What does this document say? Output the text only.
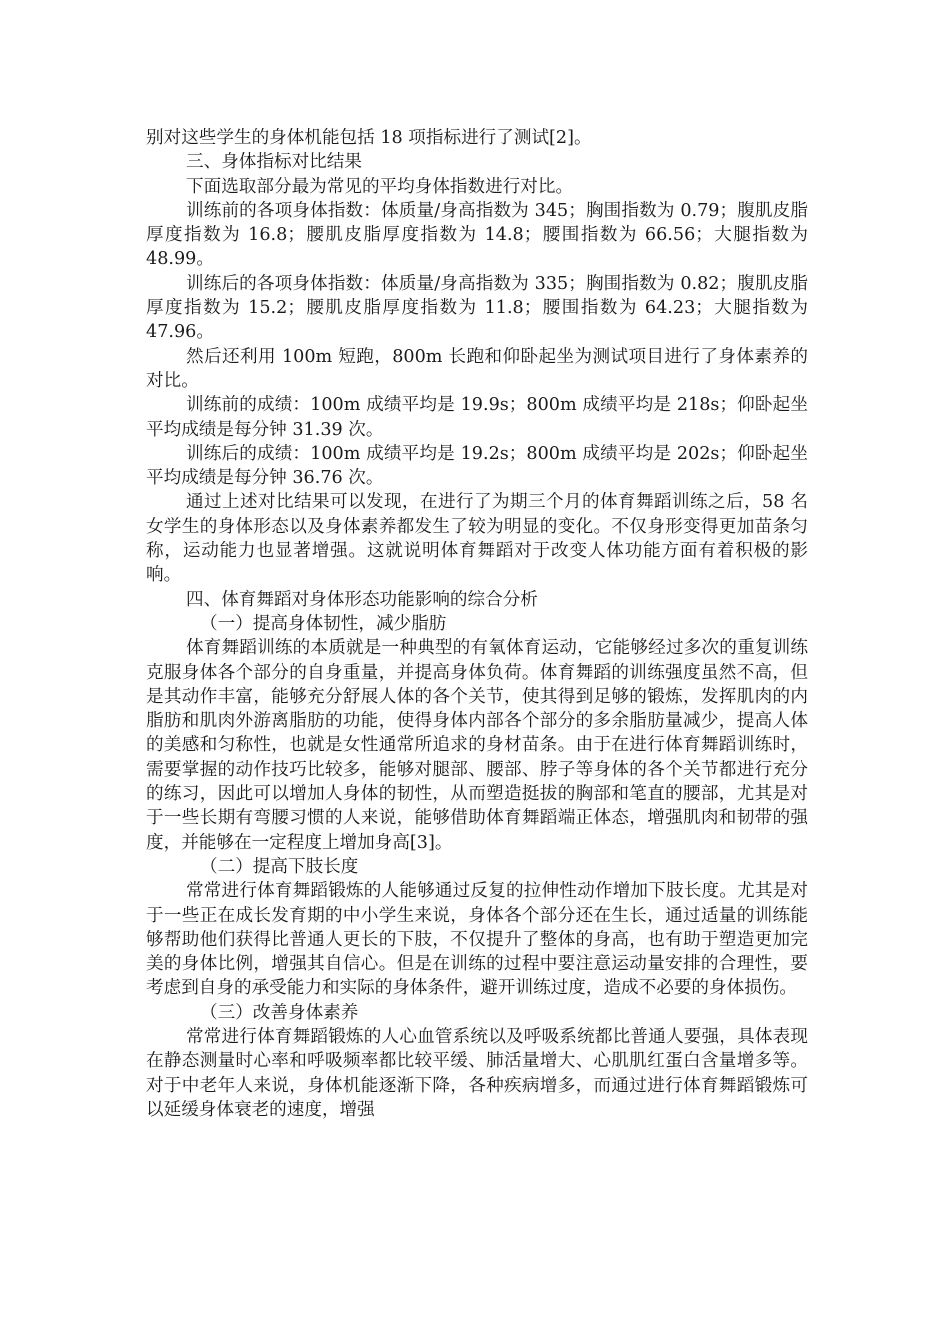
别对这些学生的身体机能包括 18 项指标进行了测试[2]。

三、身体指标对比结果

下面选取部分最为常见的平均身体指数进行对比。

训练前的各项身体指数：体质量/身高指数为 345；胸围指数为 0.79；腹肌皮脂厚度指数为 16.8；腰肌皮脂厚度指数为 14.8；腰围指数为 66.56；大腿指数为 48.99。

训练后的各项身体指数：体质量/身高指数为 335；胸围指数为 0.82；腹肌皮脂厚度指数为 15.2；腰肌皮脂厚度指数为 11.8；腰围指数为 64.23；大腿指数为 47.96。

然后还利用 100m 短跑，800m 长跑和仰卧起坐为测试项目进行了身体素养的对比。

训练前的成绩：100m 成绩平均是 19.9s；800m 成绩平均是 218s；仰卧起坐平均成绩是每分钟 31.39 次。

训练后的成绩：100m 成绩平均是 19.2s；800m 成绩平均是 202s；仰卧起坐平均成绩是每分钟 36.76 次。

通过上述对比结果可以发现，在进行了为期三个月的体育舞蹈训练之后，58 名女学生的身体形态以及身体素养都发生了较为明显的变化。不仅身形变得更加苗条匀称，运动能力也显著增强。这就说明体育舞蹈对于改变人体功能方面有着积极的影响。

四、体育舞蹈对身体形态功能影响的综合分析

（一）提高身体韧性，减少脂肪

体育舞蹈训练的本质就是一种典型的有氧体育运动，它能够经过多次的重复训练克服身体各个部分的自身重量，并提高身体负荷。体育舞蹈的训练强度虽然不高，但是其动作丰富，能够充分舒展人体的各个关节，使其得到足够的锻炼，发挥肌肉的内脂肪和肌肉外游离脂肪的功能，使得身体内部各个部分的多余脂肪量减少，提高人体的美感和匀称性，也就是女性通常所追求的身材苗条。由于在进行体育舞蹈训练时，需要掌握的动作技巧比较多，能够对腿部、腰部、脖子等身体的各个关节都进行充分的练习，因此可以增加人身体的韧性，从而塑造挺拔的胸部和笔直的腰部，尤其是对于一些长期有弯腰习惯的人来说，能够借助体育舞蹈端正体态，增强肌肉和韧带的强度，并能够在一定程度上增加身高[3]。

（二）提高下肢长度

常常进行体育舞蹈锻炼的人能够通过反复的拉伸性动作增加下肢长度。尤其是对于一些正在成长发育期的中小学生来说，身体各个部分还在生长，通过适量的训练能够帮助他们获得比普通人更长的下肢，不仅提升了整体的身高，也有助于塑造更加完美的身体比例，增强其自信心。但是在训练的过程中要注意运动量安排的合理性，要考虑到自身的承受能力和实际的身体条件，避开训练过度，造成不必要的身体损伤。

（三）改善身体素养

常常进行体育舞蹈锻炼的人心血管系统以及呼吸系统都比普通人要强，具体表现在静态测量时心率和呼吸频率都比较平缓、肺活量增大、心肌肌红蛋白含量增多等。对于中老年人来说，身体机能逐渐下降，各种疾病增多，而通过进行体育舞蹈锻炼可以延缓身体衰老的速度，增强
